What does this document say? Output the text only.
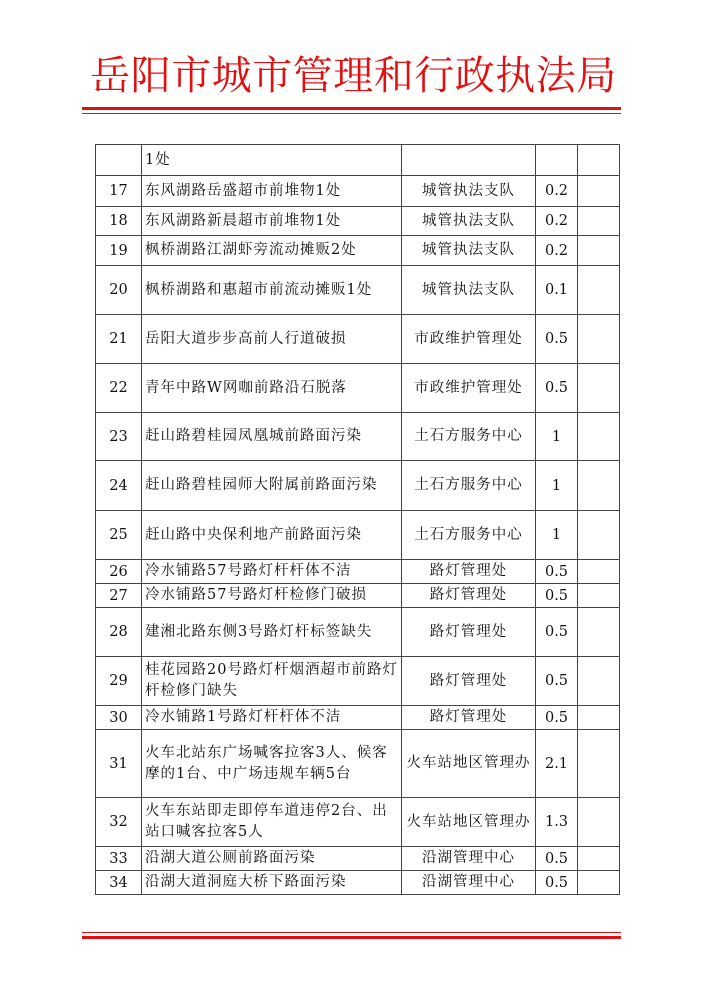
岳阳市城市管理和行政执法局
	1处			
17	东风湖路岳盛超市前堆物1处	城管执法支队	0.2	
18	东风湖路新晨超市前堆物1处	城管执法支队	0.2	
19	枫桥湖路江湖虾旁流动摊贩2处	城管执法支队	0.2	
20	枫桥湖路和惠超市前流动摊贩1处	城管执法支队	0.1	
21	岳阳大道步步高前人行道破损	市政维护管理处	0.5	
22	青年中路W网咖前路沿石脱落	市政维护管理处	0.5	
23	赶山路碧桂园凤凰城前路面污染	土石方服务中心	1	
24	赶山路碧桂园师大附属前路面污染	土石方服务中心	1	
25	赶山路中央保利地产前路面污染	土石方服务中心	1	
26	冷水铺路57号路灯杆杆体不洁	路灯管理处	0.5	
27	冷水铺路57号路灯杆检修门破损	路灯管理处	0.5	
28	建湘北路东侧3号路灯杆标签缺失	路灯管理处	0.5	
29	桂花园路20号路灯杆烟酒超市前路灯杆检修门缺失	路灯管理处	0.5	
30	冷水铺路1号路灯杆杆体不洁	路灯管理处	0.5	
31	火车北站东广场喊客拉客3人、候客摩的1台、中广场违规车辆5台	火车站地区管理办	2.1	
32	火车东站即走即停车道违停2台、出站口喊客拉客5人	火车站地区管理办	1.3	
33	沿湖大道公厕前路面污染	沿湖管理中心	0.5	
34	沿湖大道洞庭大桥下路面污染	沿湖管理中心	0.5	
